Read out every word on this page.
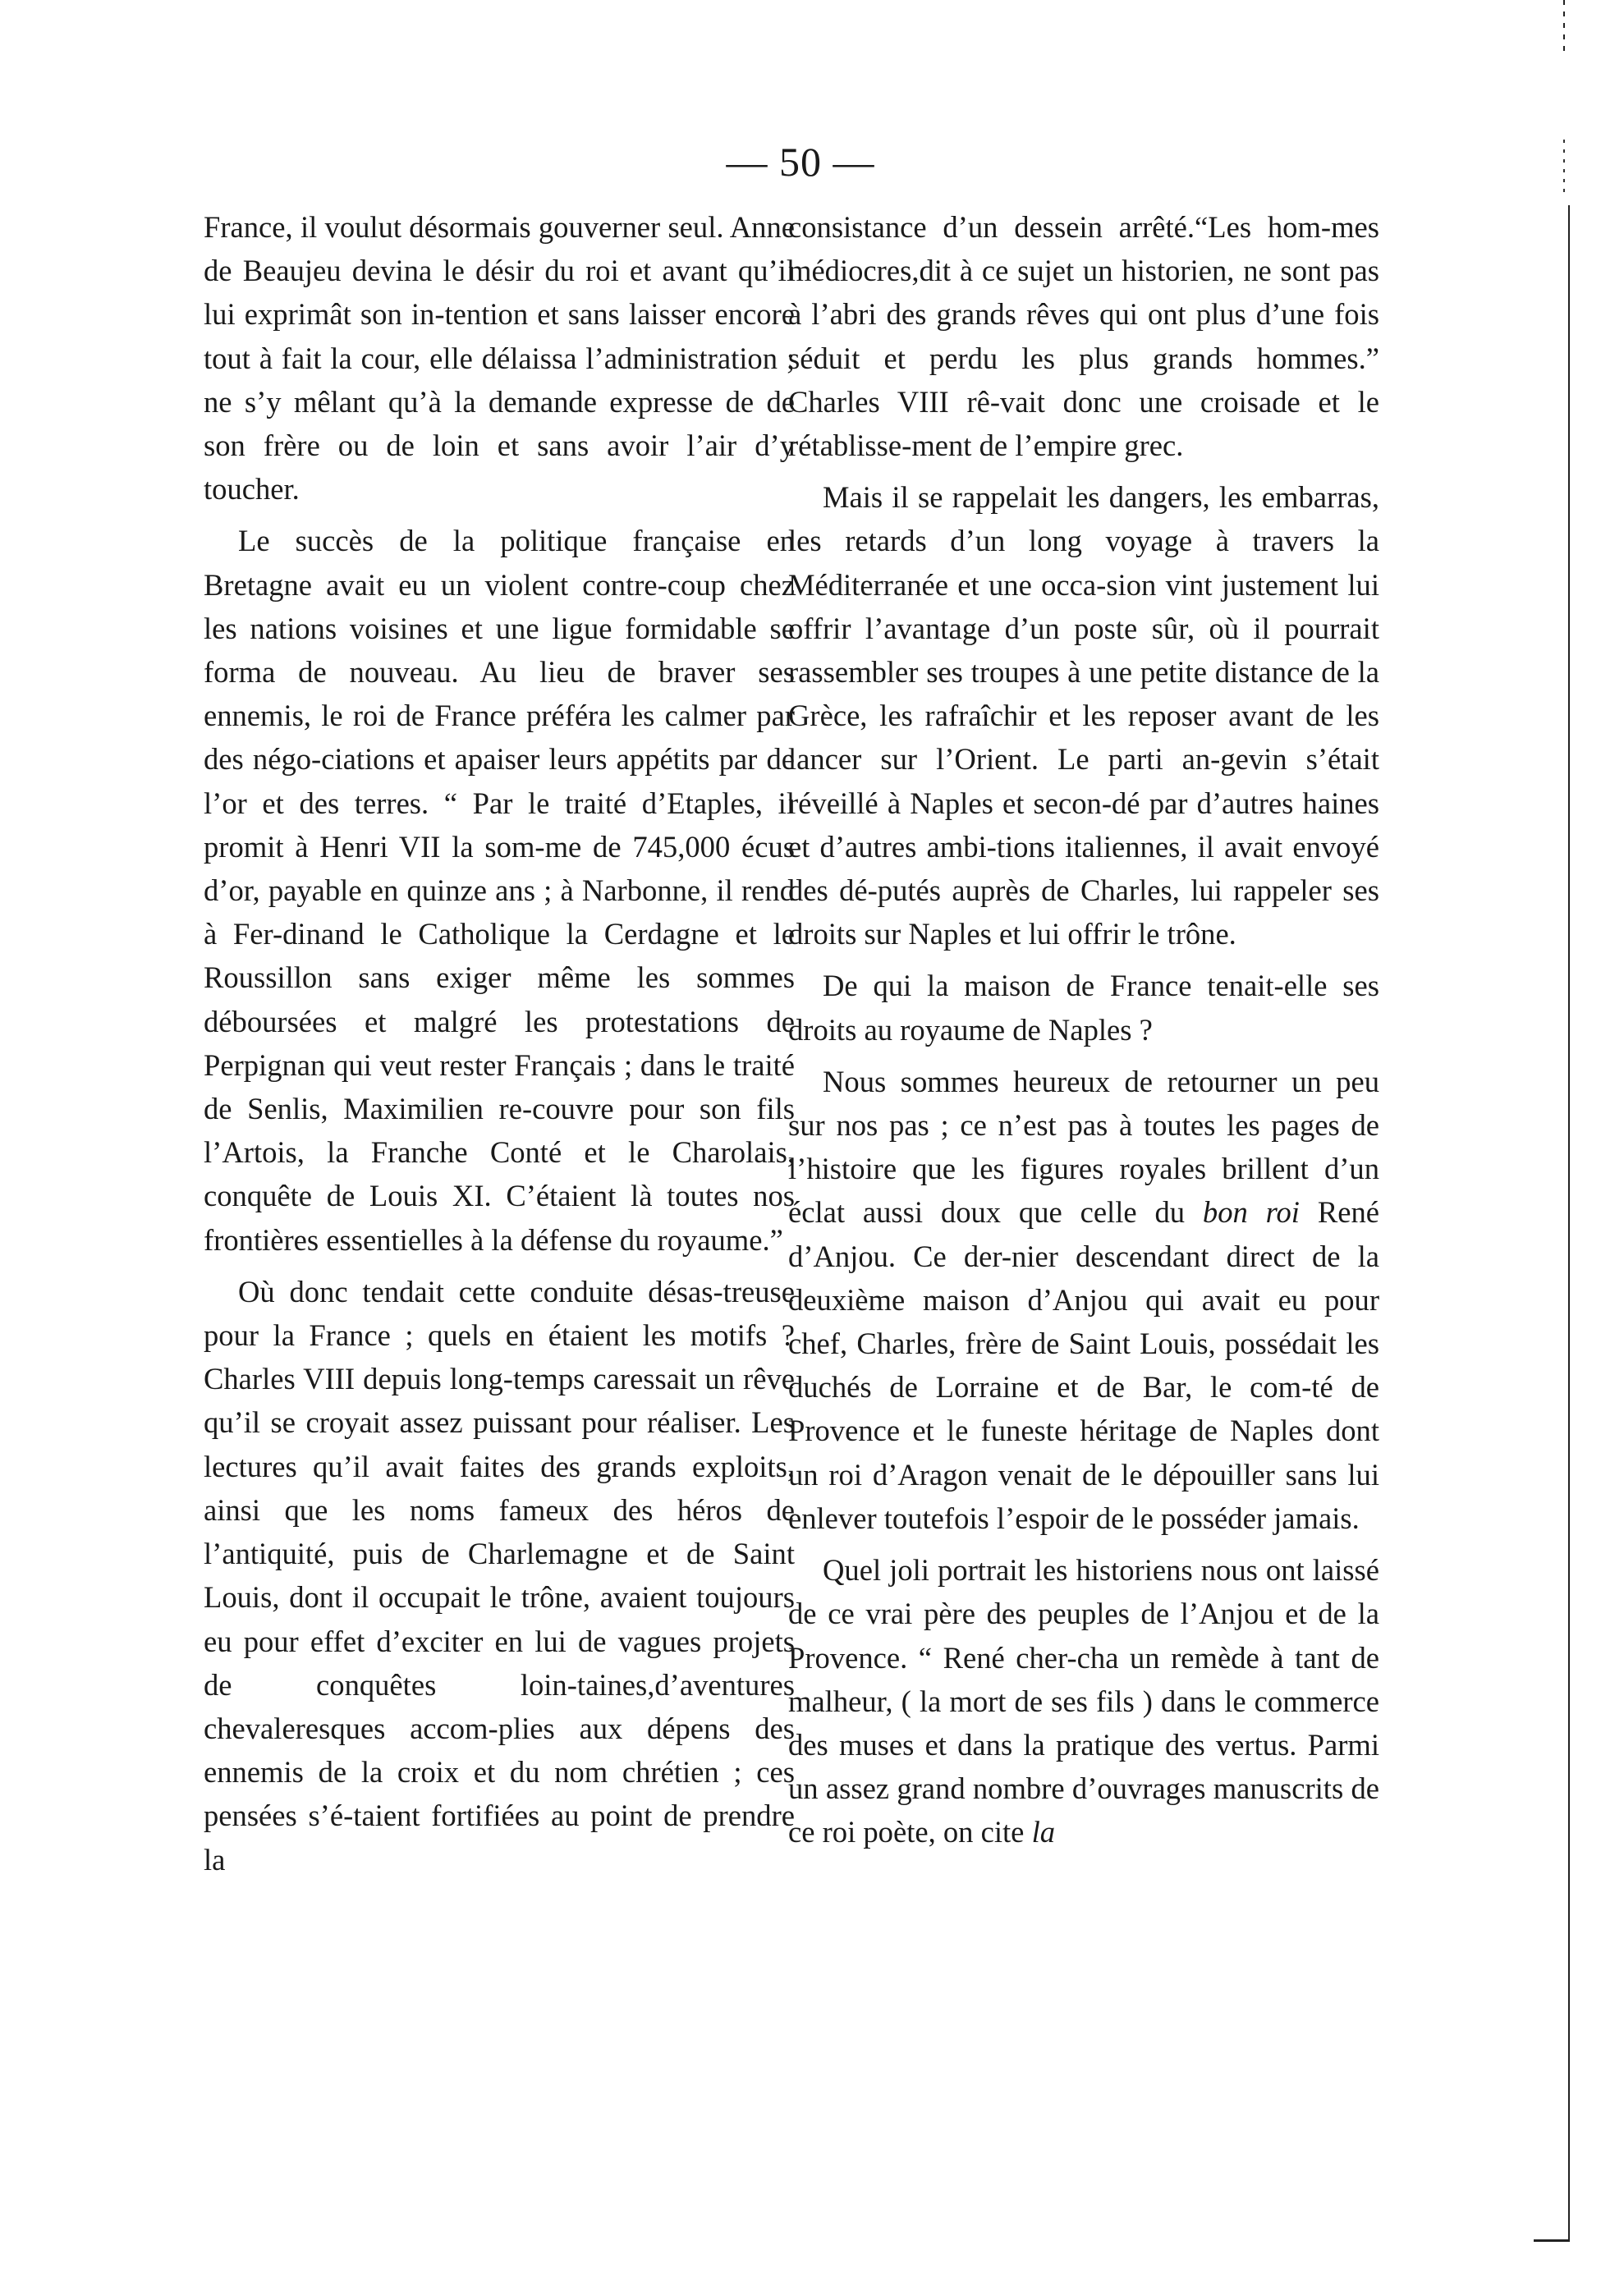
— 50 —

France, il voulut désormais gouverner seul. Anne de Beaujeu devina le désir du roi et avant qu’il lui exprimât son in-tention et sans laisser encore tout à fait la cour, elle délaissa l’administration ; ne s’y mêlant qu’à la demande expresse de de son frère ou de loin et sans avoir l’air d’y toucher.

Le succès de la politique française en Bretagne avait eu un violent contre-coup chez les nations voisines et une ligue formidable se forma de nouveau. Au lieu de braver ses ennemis, le roi de France préféra les calmer par des négo-ciations et apaiser leurs appétits par de l’or et des terres. “ Par le traité d’Etaples, il promit à Henri VII la som-me de 745,000 écus d’or, payable en quinze ans ; à Narbonne, il rend à Fer-dinand le Catholique la Cerdagne et le Roussillon sans exiger même les sommes déboursées et malgré les protestations de Perpignan qui veut rester Français ; dans le traité de Senlis, Maximilien re-couvre pour son fils l’Artois, la Franche Conté et le Charolais, conquête de Louis XI. C’étaient là toutes nos frontières essentielles à la défense du royaume.”

Où donc tendait cette conduite désas-treuse pour la France ; quels en étaient les motifs ? Charles VIII depuis long-temps caressait un rêve qu’il se croyait assez puissant pour réaliser. Les lectures qu’il avait faites des grands exploits, ainsi que les noms fameux des héros de l’antiquité, puis de Charlemagne et de Saint Louis, dont il occupait le trône, avaient toujours eu pour effet d’exciter en lui de vagues projets de conquêtes loin-taines,d’aventures chevaleresques accom-plies aux dépens des ennemis de la croix et du nom chrétien ; ces pensées s’é-taient fortifiées au point de prendre la

consistance d’un dessein arrêté.“Les hom-mes médiocres,dit à ce sujet un historien, ne sont pas à l’abri des grands rêves qui ont plus d’une fois séduit et perdu les plus grands hommes.” Charles VIII rê-vait donc une croisade et le rétablisse-ment de l’empire grec.

Mais il se rappelait les dangers, les embarras, les retards d’un long voyage à travers la Méditerranée et une occa-sion vint justement lui offrir l’avantage d’un poste sûr, où il pourrait rassembler ses troupes à une petite distance de la Grèce, les rafraîchir et les reposer avant de les lancer sur l’Orient. Le parti an-gevin s’était réveillé à Naples et secon-dé par d’autres haines et d’autres ambi-tions italiennes, il avait envoyé des dé-putés auprès de Charles, lui rappeler ses droits sur Naples et lui offrir le trône.

De qui la maison de France tenait-elle ses droits au royaume de Naples ?

Nous sommes heureux de retourner un peu sur nos pas ; ce n’est pas à toutes les pages de l’histoire que les figures royales brillent d’un éclat aussi doux que celle du bon roi René d’Anjou. Ce der-nier descendant direct de la deuxième maison d’Anjou qui avait eu pour chef, Charles, frère de Saint Louis, possédait les duchés de Lorraine et de Bar, le com-té de Provence et le funeste héritage de Naples dont un roi d’Aragon venait de le dépouiller sans lui enlever toutefois l’espoir de le posséder jamais.

Quel joli portrait les historiens nous ont laissé de ce vrai père des peuples de l’Anjou et de la Provence. “ René cher-cha un remède à tant de malheur, ( la mort de ses fils ) dans le commerce des muses et dans la pratique des vertus. Parmi un assez grand nombre d’ouvrages manuscrits de ce roi poète, on cite la
